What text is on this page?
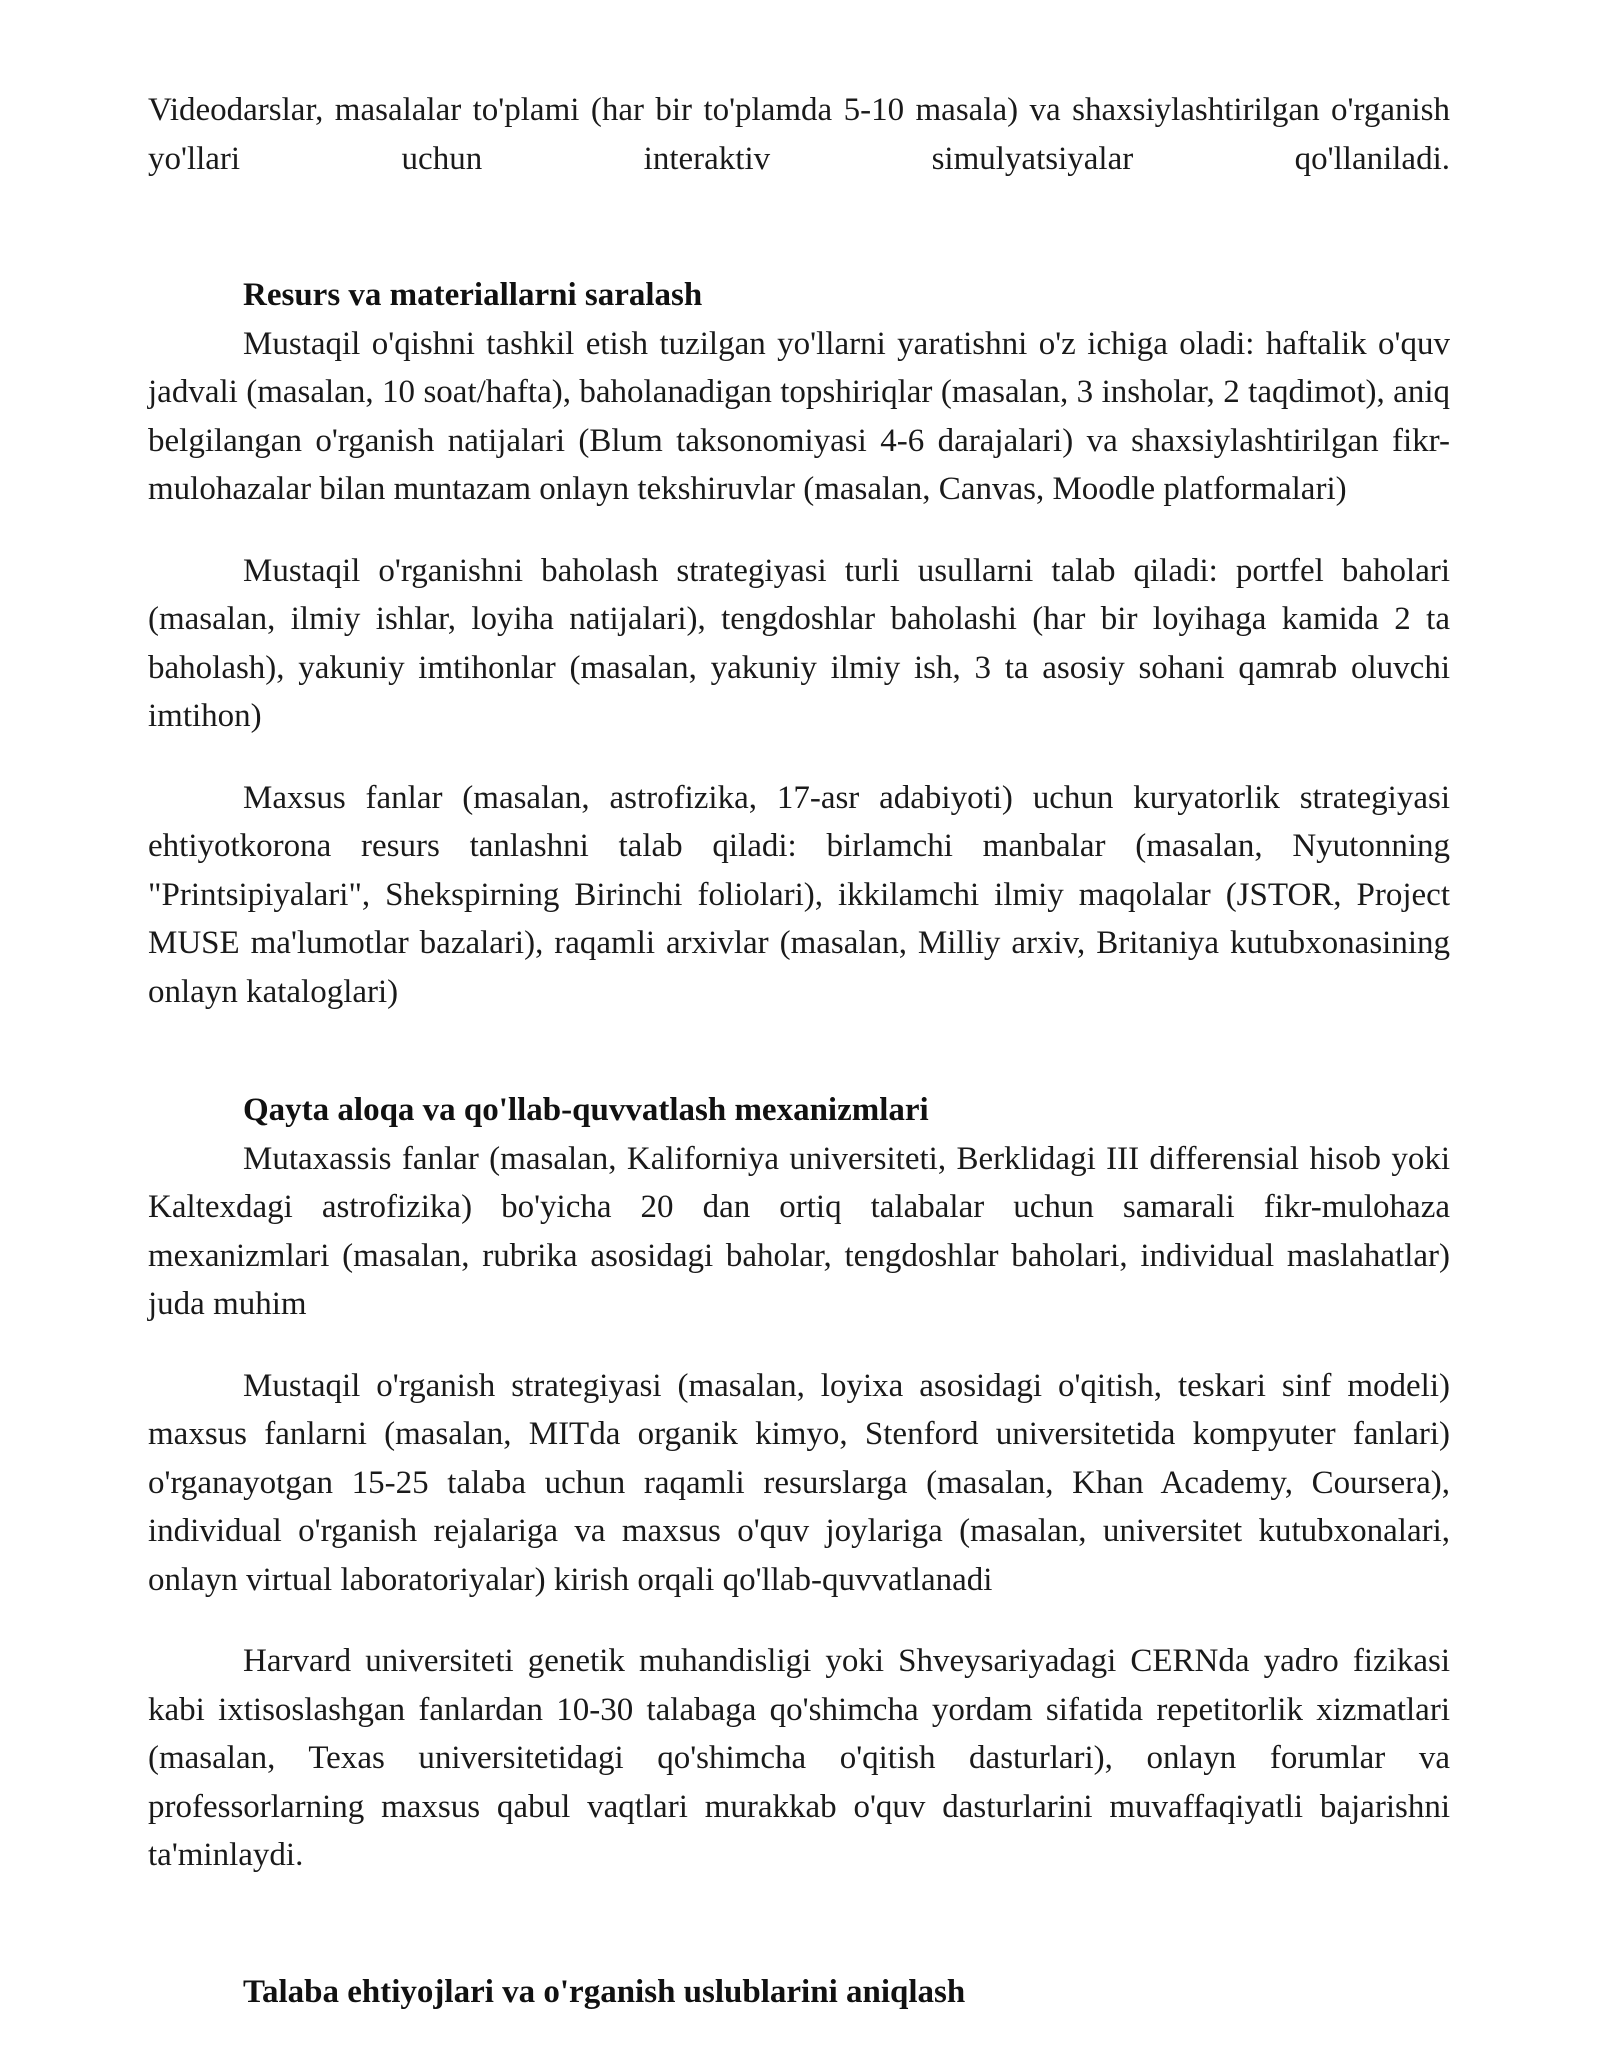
Videodarslar, masalalar to'plami (har bir to'plamda 5-10 masala) va shaxsiylashtirilgan o'rganish yo'llari uchun interaktiv simulyatsiyalar qo'llaniladi.

Resurs va materiallarni saralash

Mustaqil o'qishni tashkil etish tuzilgan yo'llarni yaratishni o'z ichiga oladi: haftalik o'quv jadvali (masalan, 10 soat/hafta), baholanadigan topshiriqlar (masalan, 3 insholar, 2 taqdimot), aniq belgilangan o'rganish natijalari (Blum taksonomiyasi 4-6 darajalari) va shaxsiylashtirilgan fikr-mulohazalar bilan muntazam onlayn tekshiruvlar (masalan, Canvas, Moodle platformalari)

Mustaqil o'rganishni baholash strategiyasi turli usullarni talab qiladi: portfel baholari (masalan, ilmiy ishlar, loyiha natijalari), tengdoshlar baholashi (har bir loyihaga kamida 2 ta baholash), yakuniy imtihonlar (masalan, yakuniy ilmiy ish, 3 ta asosiy sohani qamrab oluvchi imtihon)

Maxsus fanlar (masalan, astrofizika, 17-asr adabiyoti) uchun kuryatorlik strategiyasi ehtiyotkorona resurs tanlashni talab qiladi: birlamchi manbalar (masalan, Nyutonning "Printsipiyalari", Shekspirning Birinchi foliolari), ikkilamchi ilmiy maqolalar (JSTOR, Project MUSE ma'lumotlar bazalari), raqamli arxivlar (masalan, Milliy arxiv, Britaniya kutubxonasining onlayn kataloglari)

Qayta aloqa va qo'llab-quvvatlash mexanizmlari

Mutaxassis fanlar (masalan, Kaliforniya universiteti, Berklidagi III differensial hisob yoki Kaltexdagi astrofizika) bo'yicha 20 dan ortiq talabalar uchun samarali fikr-mulohaza mexanizmlari (masalan, rubrika asosidagi baholar, tengdoshlar baholari, individual maslahatlar) juda muhim

Mustaqil o'rganish strategiyasi (masalan, loyixa asosidagi o'qitish, teskari sinf modeli) maxsus fanlarni (masalan, MITda organik kimyo, Stenford universitetida kompyuter fanlari) o'rganayotgan 15-25 talaba uchun raqamli resurslarga (masalan, Khan Academy, Coursera), individual o'rganish rejalariga va maxsus o'quv joylariga (masalan, universitet kutubxonalari, onlayn virtual laboratoriyalar) kirish orqali qo'llab-quvvatlanadi

Harvard universiteti genetik muhandisligi yoki Shveysariyadagi CERNda yadro fizikasi kabi ixtisoslashgan fanlardan 10-30 talabaga qo'shimcha yordam sifatida repetitorlik xizmatlari (masalan, Texas universitetidagi qo'shimcha o'qitish dasturlari), onlayn forumlar va professorlarning maxsus qabul vaqtlari murakkab o'quv dasturlarini muvaffaqiyatli bajarishni ta'minlaydi.

Talaba ehtiyojlari va o'rganish uslublarini aniqlash
